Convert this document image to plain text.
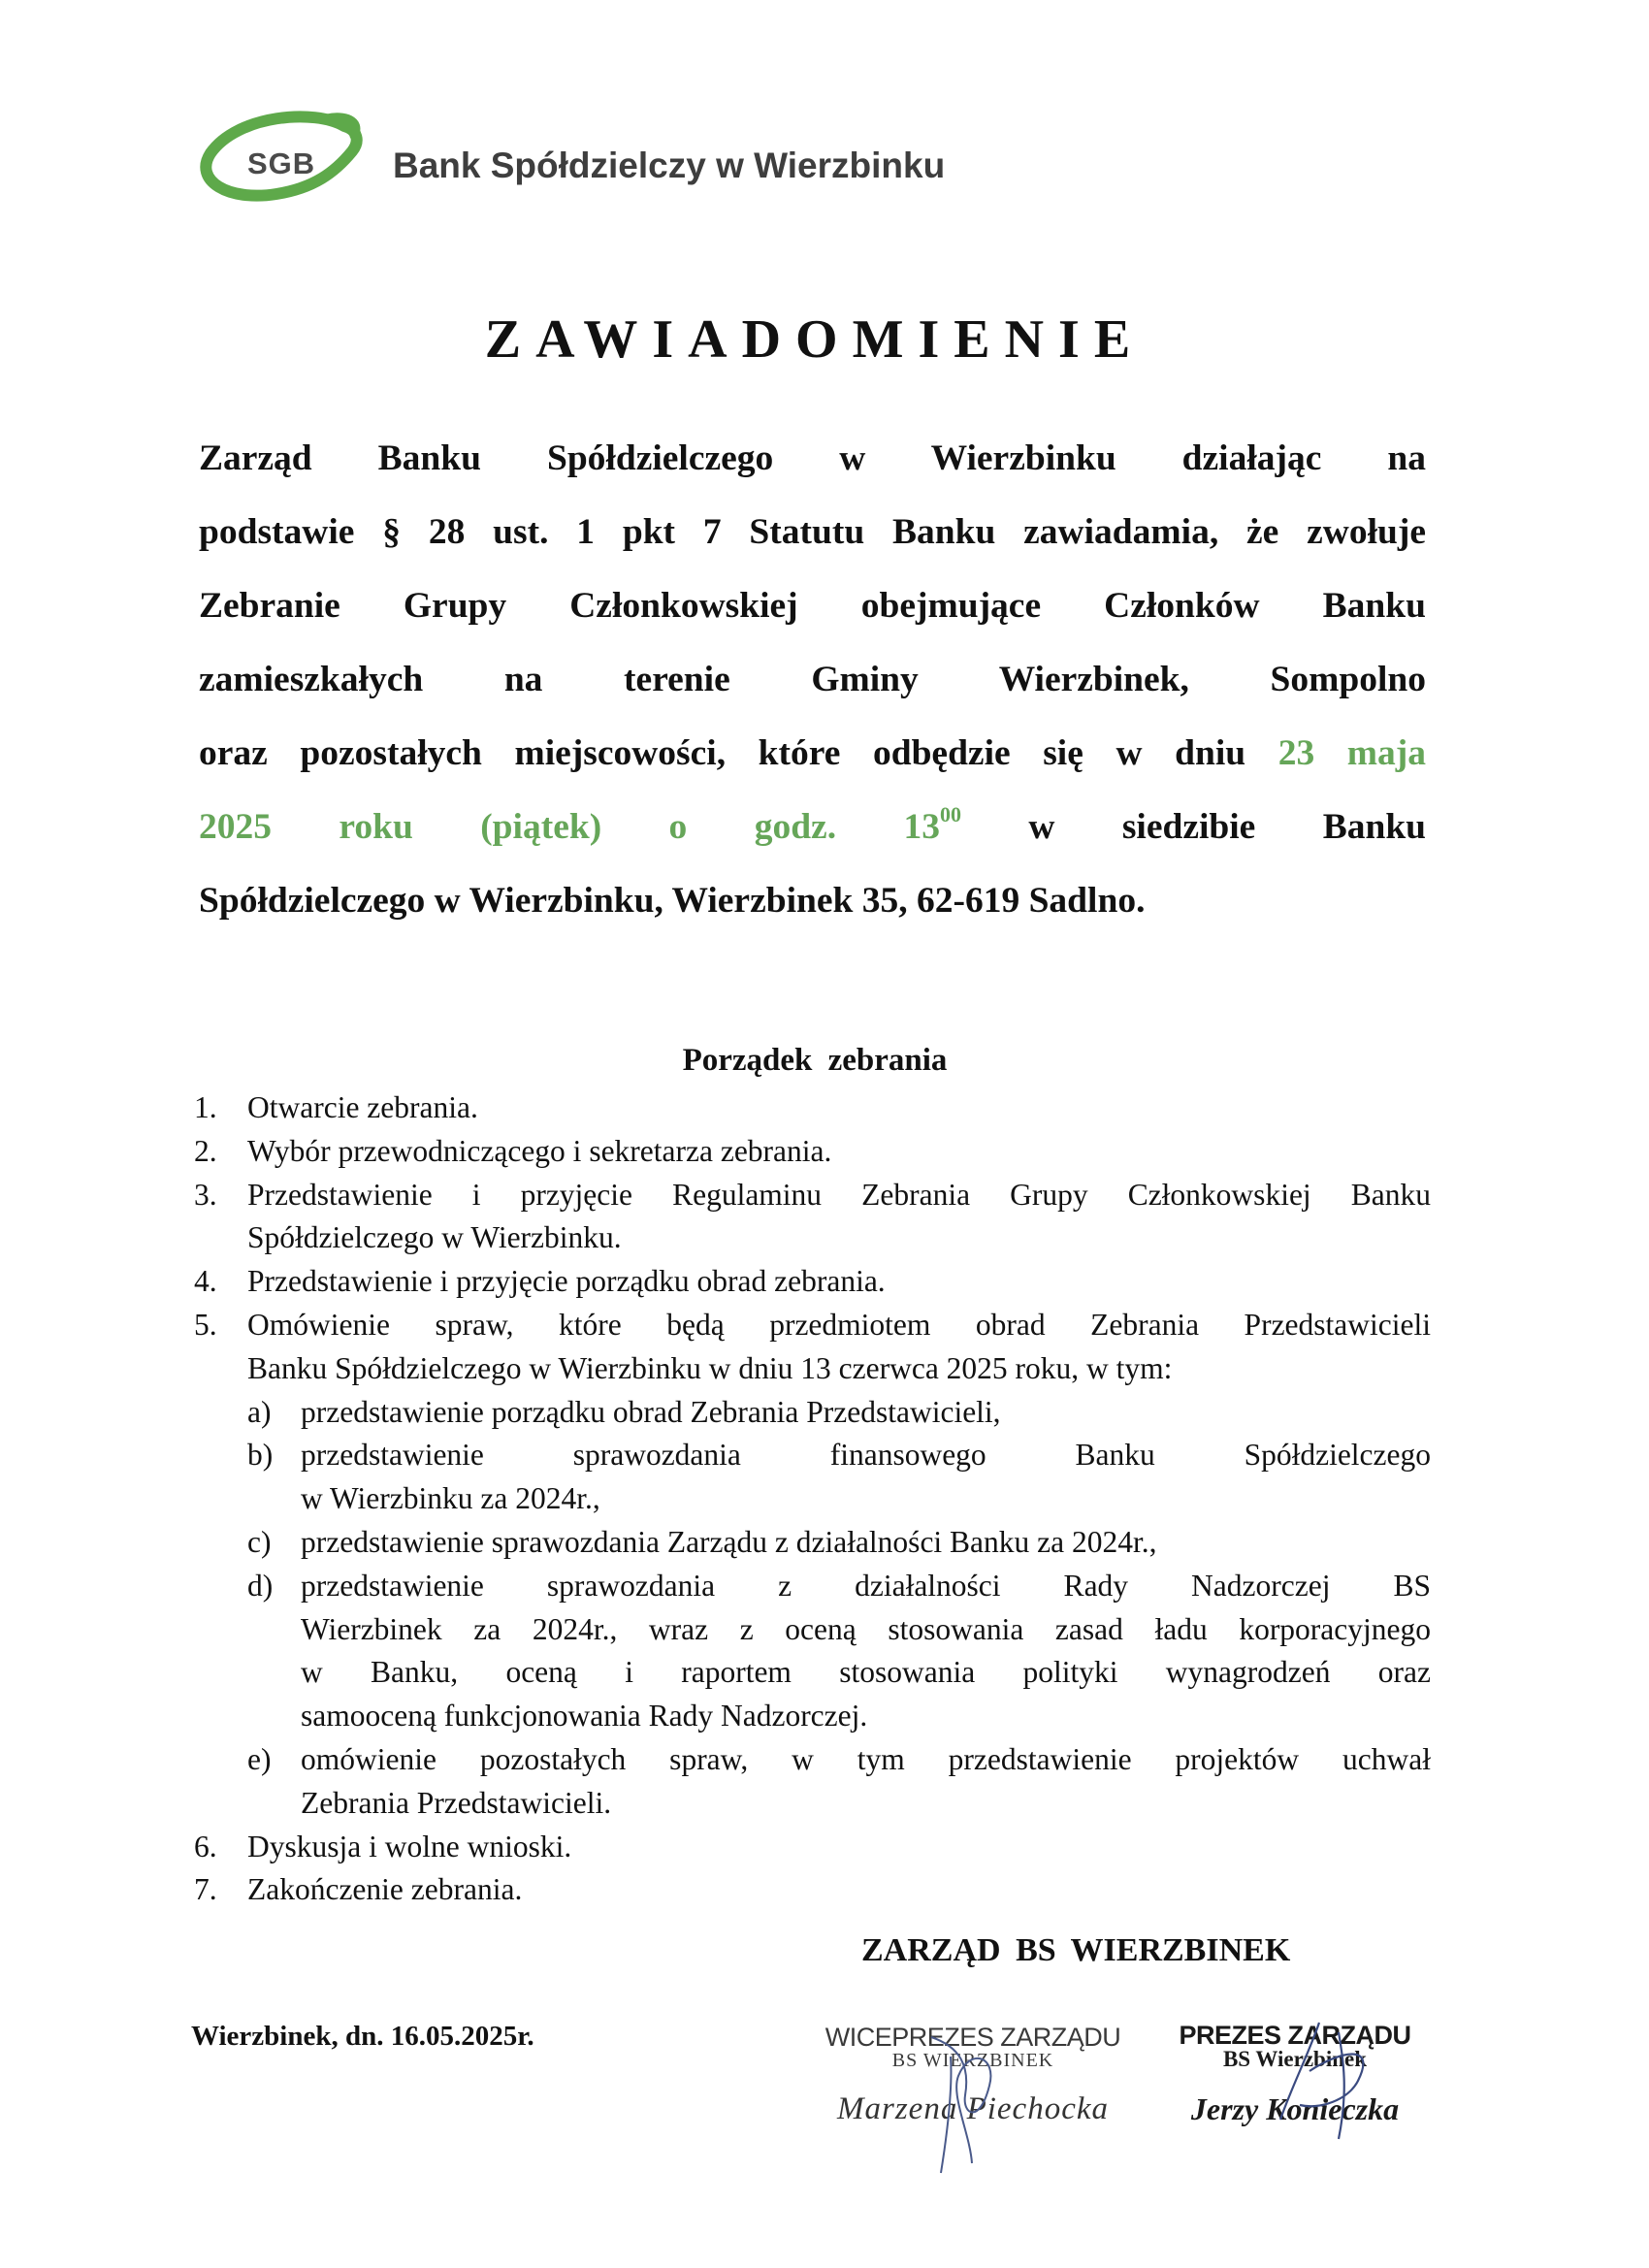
SGB Bank Spółdzielczy w Wierzbinku
ZAWIADOMIENIE
Zarząd Banku Spółdzielczego w Wierzbinku działając na
podstawie § 28 ust. 1 pkt 7 Statutu Banku zawiadamia, że zwołuje
Zebranie Grupy Członkowskiej obejmujące Członków Banku
zamieszkałych na terenie Gminy Wierzbinek, Sompolno
oraz pozostałych miejscowości, które odbędzie się w dniu 23 maja
2025 roku (piątek) o godz. $13^{00}$ w siedzibie Banku
Spółdzielczego w Wierzbinku, Wierzbinek 35, 62-619 Sadlno.
Porządek zebrania
1. Otwarcie zebrania.
2. Wybór przewodniczącego i sekretarza zebrania.
3. Przedstawienie i przyjęcie Regulaminu Zebrania Grupy Członkowskiej Banku
Spółdzielczego w Wierzbinku.
4. Przedstawienie i przyjęcie porządku obrad zebrania.
5. Omówienie spraw, które będą przedmiotem obrad Zebrania Przedstawicieli
Banku Spółdzielczego w Wierzbinku w dniu 13 czerwca 2025 roku, w tym:
a) przedstawienie porządku obrad Zebrania Przedstawicieli,
b) przedstawienie sprawozdania finansowego Banku Spółdzielczego
w Wierzbinku za 2024r.,
c) przedstawienie sprawozdania Zarządu z działalności Banku za 2024r.,
d) przedstawienie sprawozdania z działalności Rady Nadzorczej BS
Wierzbinek za 2024r., wraz z oceną stosowania zasad ładu korporacyjnego
w Banku, oceną i raportem stosowania polityki wynagrodzeń oraz
samooceną funkcjonowania Rady Nadzorczej.
e) omówienie pozostałych spraw, w tym przedstawienie projektów uchwał
Zebrania Przedstawicieli.
6. Dyskusja i wolne wnioski.
7. Zakończenie zebrania.
ZARZĄD BS WIERZBINEK
Wierzbinek, dn. 16.05.2025r.	WICEPREZES ZARZĄDU
BS WIERZBINEK
Marzena Piechocka
PREZES ZARZĄDU
BS Wierzbinek
Jerzy Konieczka
